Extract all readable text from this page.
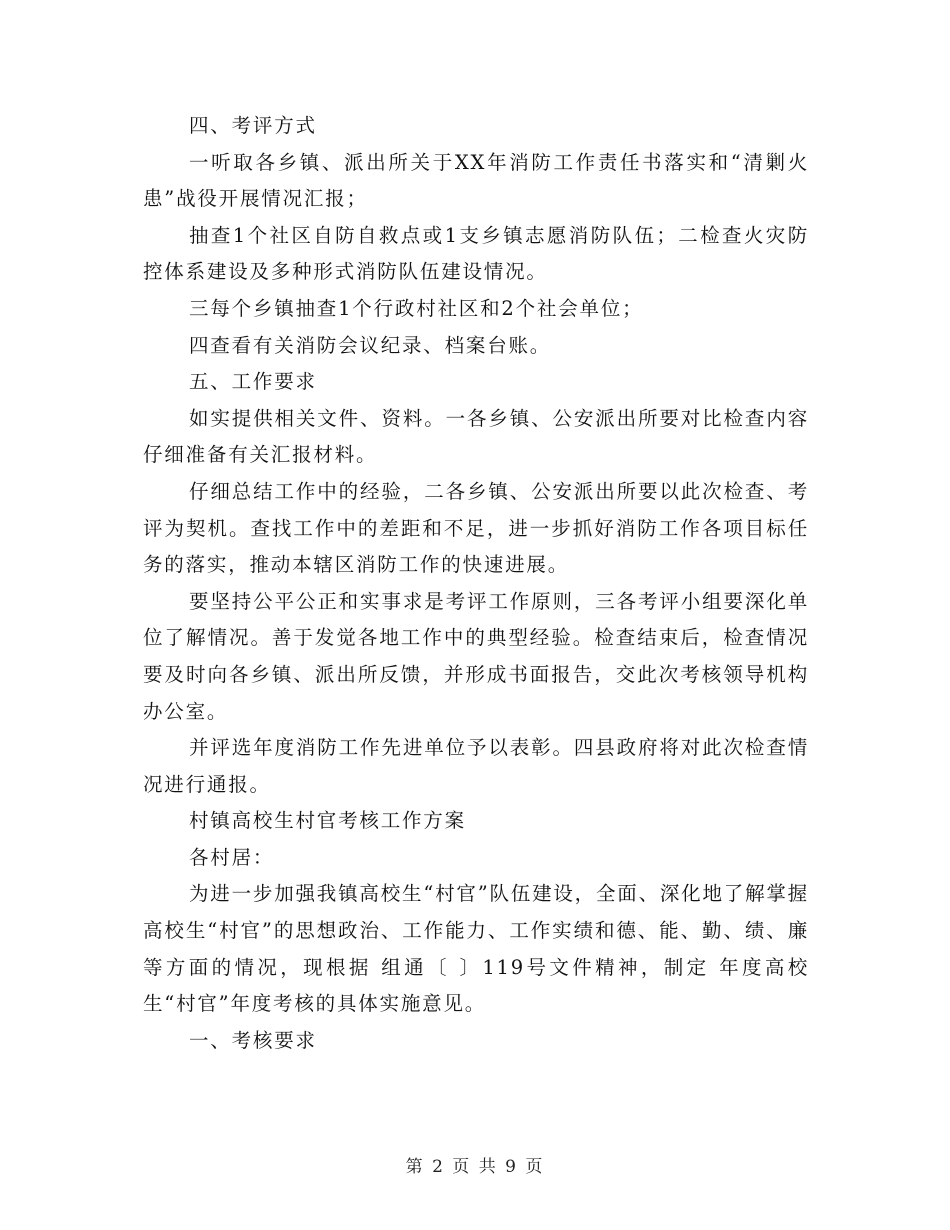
四、考评方式

一听取各乡镇、派出所关于XX年消防工作责任书落实和“清剿火患”战役开展情况汇报；

抽查1个社区自防自救点或1支乡镇志愿消防队伍；二检查火灾防控体系建设及多种形式消防队伍建设情况。

三每个乡镇抽查1个行政村社区和2个社会单位；

四查看有关消防会议纪录、档案台账。

五、工作要求

如实提供相关文件、资料。一各乡镇、公安派出所要对比检查内容仔细准备有关汇报材料。

仔细总结工作中的经验，二各乡镇、公安派出所要以此次检查、考评为契机。查找工作中的差距和不足，进一步抓好消防工作各项目标任务的落实，推动本辖区消防工作的快速进展。

要坚持公平公正和实事求是考评工作原则，三各考评小组要深化单位了解情况。善于发觉各地工作中的典型经验。检查结束后，检查情况要及时向各乡镇、派出所反馈，并形成书面报告，交此次考核领导机构办公室。

并评选年度消防工作先进单位予以表彰。四县政府将对此次检查情况进行通报。

村镇高校生村官考核工作方案

各村居：

为进一步加强我镇高校生“村官”队伍建设，全面、深化地了解掌握高校生“村官”的思想政治、工作能力、工作实绩和德、能、勤、绩、廉等方面的情况，现根据 组通〔 〕119号文件精神，制定 年度高校生“村官”年度考核的具体实施意见。

一、考核要求

第 2 页 共 9 页
